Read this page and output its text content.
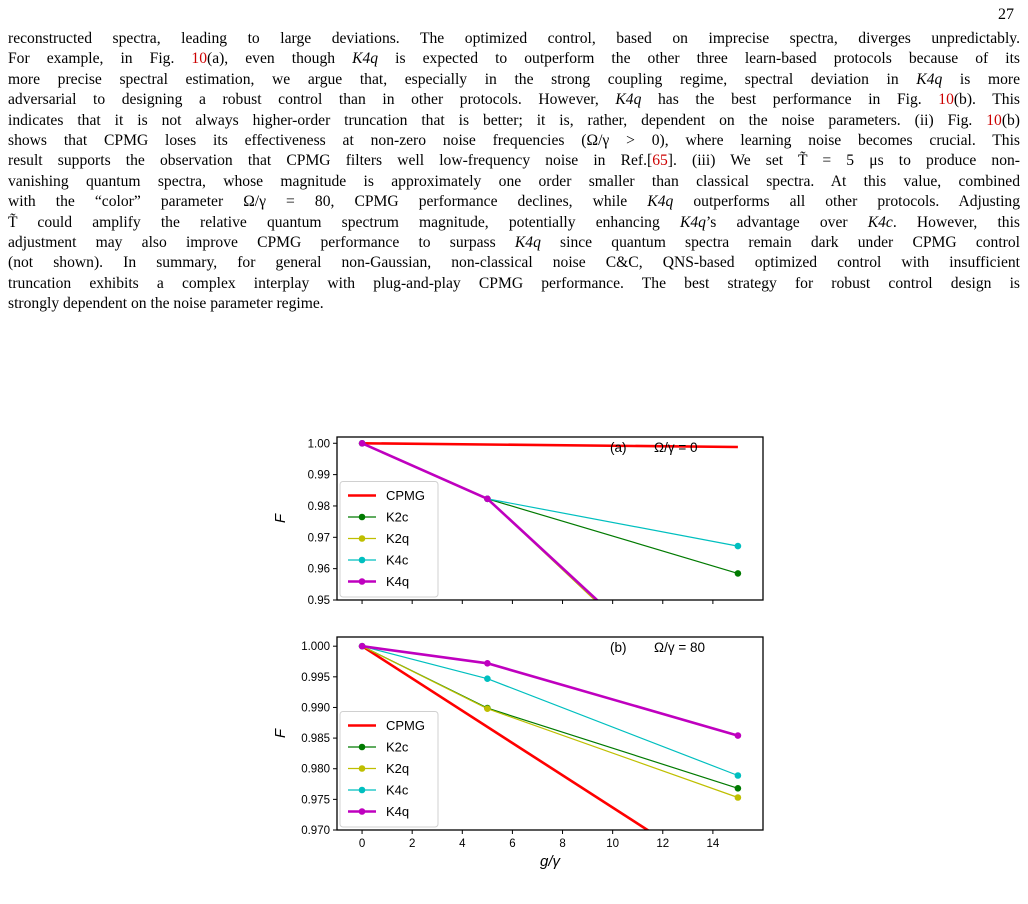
27

reconstructed spectra, leading to large deviations. The optimized control, based on imprecise spectra, diverges unpredictably.
For example, in Fig. 10(a), even though K4q is expected to outperform the other three learn-based protocols because of its
more precise spectral estimation, we argue that, especially in the strong coupling regime, spectral deviation in K4q is more
adversarial to designing a robust control than in other protocols. However, K4q has the best performance in Fig. 10(b). This
indicates that it is not always higher-order truncation that is better; it is, rather, dependent on the noise parameters. (ii) Fig. 10(b)
shows that CPMG loses its effectiveness at non-zero noise frequencies (Ω/γ > 0), where learning noise becomes crucial. This
result supports the observation that CPMG filters well low-frequency noise in Ref.[65]. (iii) We set T̃ = 5 μs to produce non-
vanishing quantum spectra, whose magnitude is approximately one order smaller than classical spectra. At this value, combined
with the “color” parameter Ω/γ = 80, CPMG performance declines, while K4q outperforms all other protocols. Adjusting
T̃ could amplify the relative quantum spectrum magnitude, potentially enhancing K4q’s advantage over K4c. However, this
adjustment may also improve CPMG performance to surpass K4q since quantum spectra remain dark under CPMG control
(not shown). In summary, for general non-Gaussian, non-classical noise C&C, QNS-based optimized control with insufficient
truncation exhibits a complex interplay with plug-and-play CPMG performance. The best strategy for robust control design is
strongly dependent on the noise parameter regime.

0.95
0.96
0.97
0.98
0.99
1.00
F
(a) Ω/γ = 0
CPMG
K2c
K2q
K4c
K4q
0.970
0.975
0.980
0.985
0.990
0.995
1.000
0	2	4	6	8	10	12	14
F
g/γ
(b) Ω/γ = 80
CPMG
K2c
K2q
K4c
K4q
